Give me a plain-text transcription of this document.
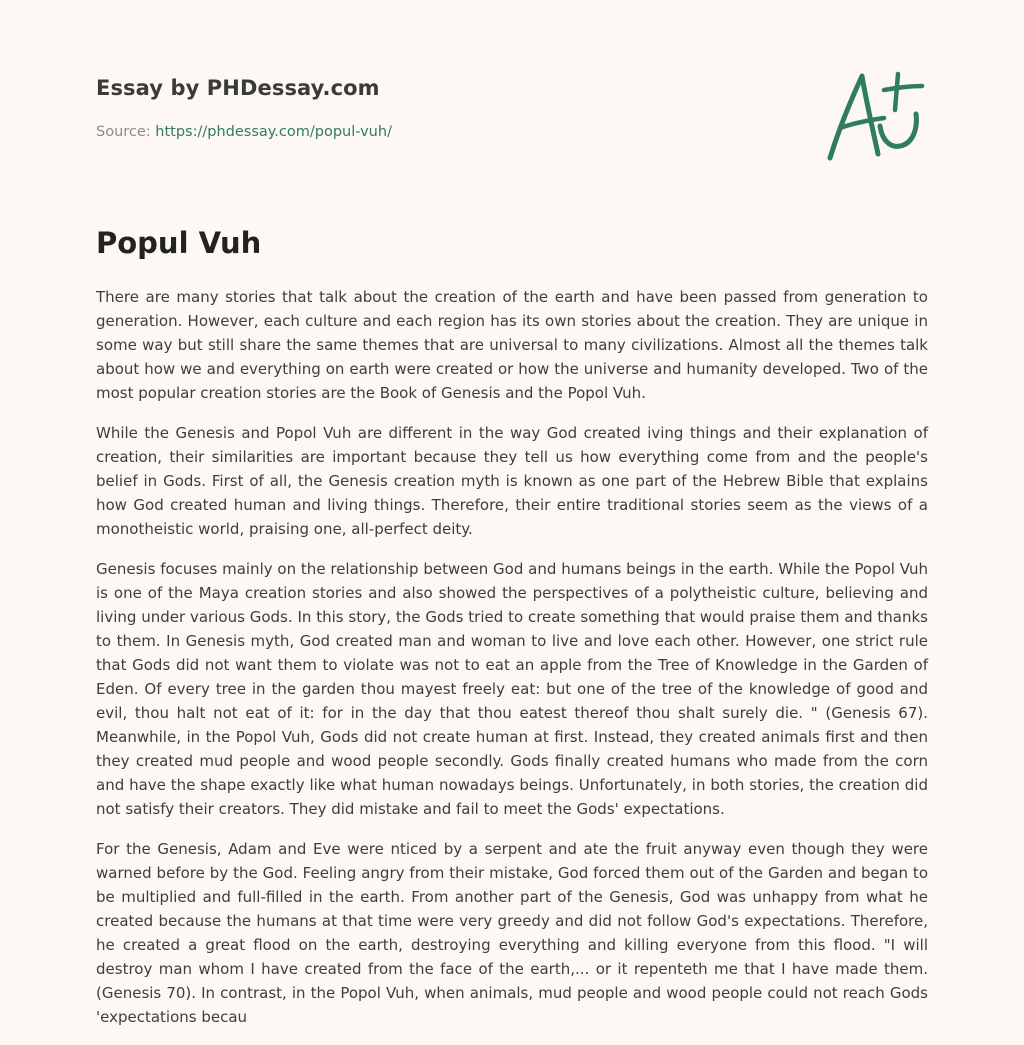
Essay by PHDessay.com
Source: https://phdessay.com/popul-vuh/
Popul Vuh

There are many stories that talk about the creation of the earth and have been passed from generation to generation. However, each culture and each region has its own stories about the creation. They are unique in some way but still share the same themes that are universal to many civilizations. Almost all the themes talk about how we and everything on earth were created or how the universe and humanity developed. Two of the most popular creation stories are the Book of Genesis and the Popol Vuh.

While the Genesis and Popol Vuh are different in the way God created iving things and their explanation of creation, their similarities are important because they tell us how everything come from and the people's belief in Gods. First of all, the Genesis creation myth is known as one part of the Hebrew Bible that explains how God created human and living things. Therefore, their entire traditional stories seem as the views of a monotheistic world, praising one, all-perfect deity.

Genesis focuses mainly on the relationship between God and humans beings in the earth. While the Popol Vuh is one of the Maya creation stories and also showed the perspectives of a polytheistic culture, believing and living under various Gods. In this story, the Gods tried to create something that would praise them and thanks to them. In Genesis myth, God created man and woman to live and love each other. However, one strict rule that Gods did not want them to violate was not to eat an apple from the Tree of Knowledge in the Garden of Eden. Of every tree in the garden thou mayest freely eat: but one of the tree of the knowledge of good and evil, thou halt not eat of it: for in the day that thou eatest thereof thou shalt surely die. " (Genesis 67). Meanwhile, in the Popol Vuh, Gods did not create human at first. Instead, they created animals first and then they created mud people and wood people secondly. Gods finally created humans who made from the corn and have the shape exactly like what human nowadays beings. Unfortunately, in both stories, the creation did not satisfy their creators. They did mistake and fail to meet the Gods' expectations.

For the Genesis, Adam and Eve were nticed by a serpent and ate the fruit anyway even though they were warned before by the God. Feeling angry from their mistake, God forced them out of the Garden and began to be multiplied and full-filled in the earth. From another part of the Genesis, God was unhappy from what he created because the humans at that time were very greedy and did not follow God's expectations. Therefore, he created a great flood on the earth, destroying everything and killing everyone from this flood. "I will destroy man whom I have created from the face of the earth,... or it repenteth me that I have made them. (Genesis 70). In contrast, in the Popol Vuh, when animals, mud people and wood people could not reach Gods 'expectations becau
